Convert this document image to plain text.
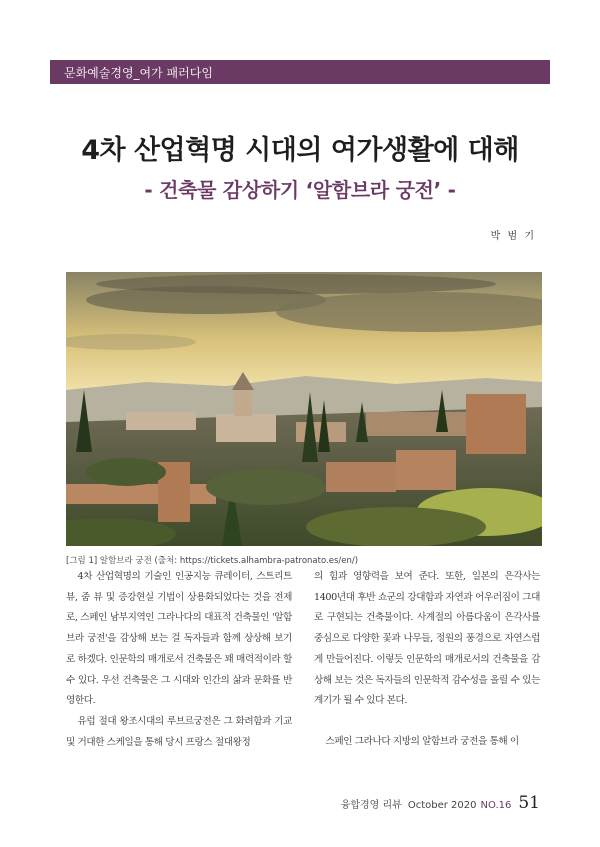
문화예술경영_여가 패러다임
4차 산업혁명 시대의 여가생활에 대해
- 건축물 감상하기 ‘알함브라 궁전’ -
박 범 기
[그림 1] 알함브라 궁전 (출처: https://tickets.alhambra-patronato.es/en/)

4차 산업혁명의 기술인 인공지능 큐레이터, 스트리트 뷰, 줌 뷰 및 증강현실 기법이 상용화되었다는 것을 전제로, 스페인 남부지역인 그라나다의 대표적 건축물인 '알함브라 궁전'을 감상해 보는 걸 독자들과 함께 상상해 보기로 하겠다. 인문학의 매개로서 건축물은 꽤 매력적이라 할 수 있다. 우선 건축물은 그 시대와 인간의 삶과 문화를 반영한다.

유럽 절대 왕조시대의 루브르궁전은 그 화려함과 기교 및 거대한 스케일을 통해 당시 프랑스 절대왕정

의 힘과 영향력을 보여 준다. 또한, 일본의 은각사는 1400년대 후반 쇼군의 강대함과 자연과 어우러짐이 그대로 구현되는 건축물이다. 사계절의 아름다움이 은각사를 중심으로 다양한 꽃과 나무들, 정원의 풍경으로 자연스럽게 만들어진다. 이렇듯 인문학의 매개로서의 건축물을 감상해 보는 것은 독자들의 인문학적 감수성을 올릴 수 있는 계기가 될 수 있다 본다.

스페인 그라나다 지방의 알함브라 궁전을 통해 이

융합경영 리뷰 October 2020 NO.16 51
